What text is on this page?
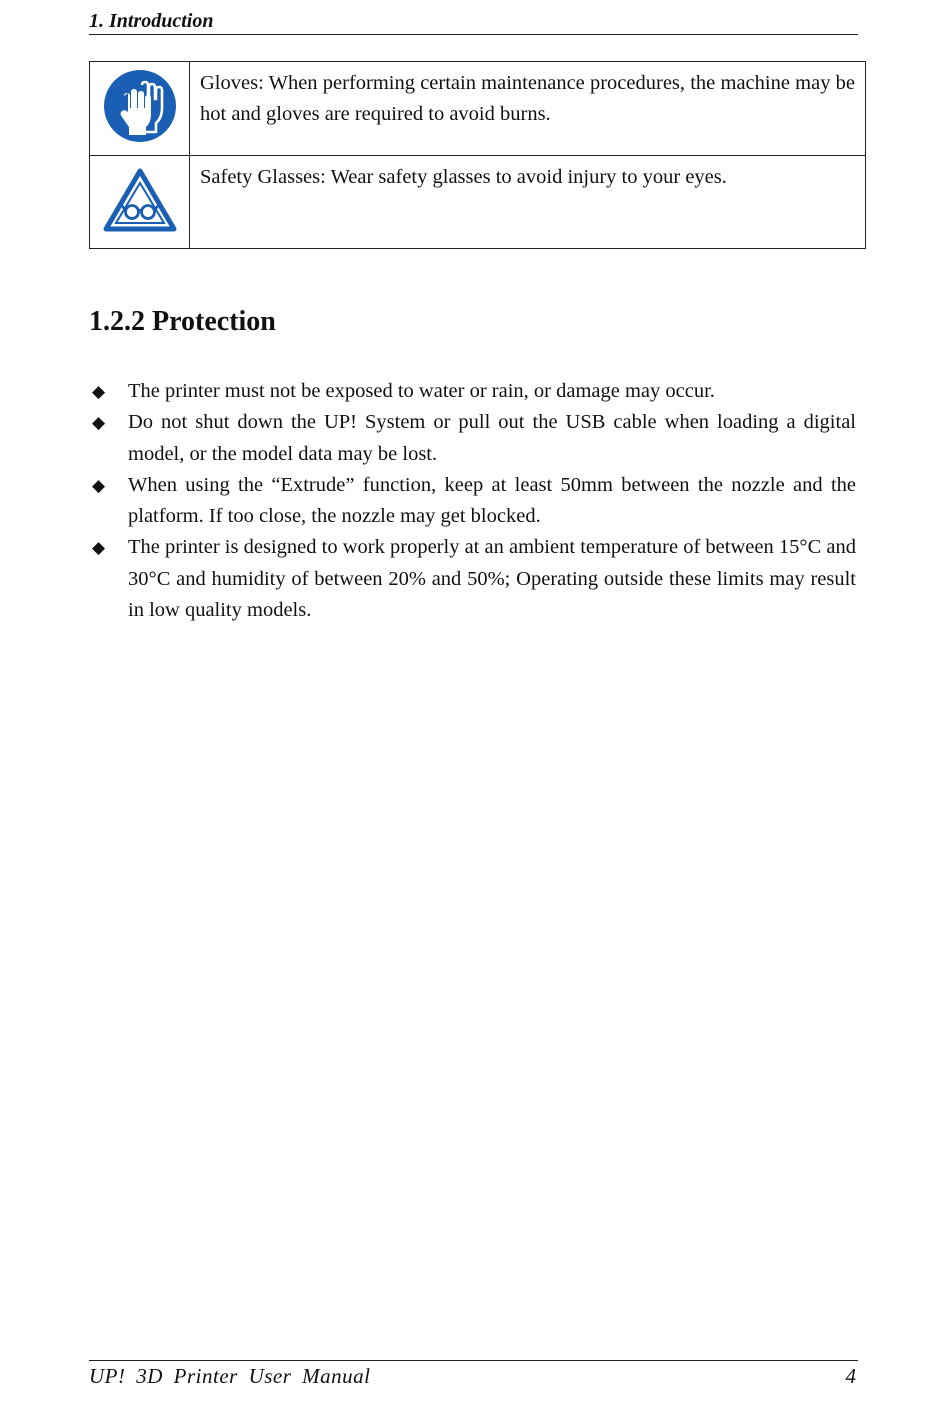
1. Introduction
	Gloves: When performing certain maintenance procedures, the machine may be hot and gloves are required to avoid burns.
	Safety Glasses: Wear safety glasses to avoid injury to your eyes.
1.2.2 Protection
◆ The printer must not be exposed to water or rain, or damage may occur.
◆ Do not shut down the UP! System or pull out the USB cable when loading a digital model, or the model data may be lost.
◆ When using the “Extrude” function, keep at least 50mm between the nozzle and the platform. If too close, the nozzle may get blocked.
◆ The printer is designed to work properly at an ambient temperature of between 15°C and 30°C and humidity of between 20% and 50%; Operating outside these limits may result in low quality models.
UP! 3D Printer User Manual	4
